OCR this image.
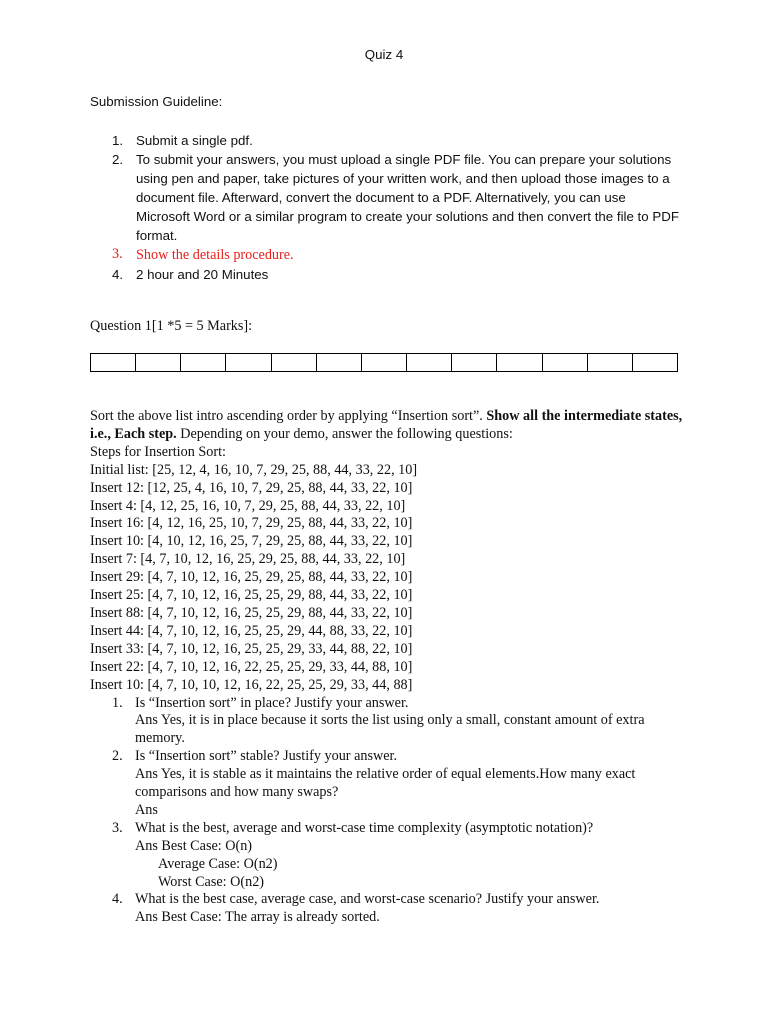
Quiz 4
Submission Guideline:
1. Submit a single pdf.
2. To submit your answers, you must upload a single PDF file. You can prepare your solutions using pen and paper, take pictures of your written work, and then upload those images to a document file. Afterward, convert the document to a PDF. Alternatively, you can use Microsoft Word or a similar program to create your solutions and then convert the file to PDF format.
3. Show the details procedure.
4. 2 hour and 20 Minutes
Question 1[1 *5 = 5 Marks]:

Sort the above list intro ascending order by applying “Insertion sort”. Show all the intermediate states, i.e., Each step. Depending on your demo, answer the following questions:

Steps for Insertion Sort:

Initial list: [25, 12, 4, 16, 10, 7, 29, 25, 88, 44, 33, 22, 10]

Insert 12: [12, 25, 4, 16, 10, 7, 29, 25, 88, 44, 33, 22, 10]

Insert 4: [4, 12, 25, 16, 10, 7, 29, 25, 88, 44, 33, 22, 10]

Insert 16: [4, 12, 16, 25, 10, 7, 29, 25, 88, 44, 33, 22, 10]

Insert 10: [4, 10, 12, 16, 25, 7, 29, 25, 88, 44, 33, 22, 10]

Insert 7: [4, 7, 10, 12, 16, 25, 29, 25, 88, 44, 33, 22, 10]

Insert 29: [4, 7, 10, 12, 16, 25, 29, 25, 88, 44, 33, 22, 10]

Insert 25: [4, 7, 10, 12, 16, 25, 25, 29, 88, 44, 33, 22, 10]

Insert 88: [4, 7, 10, 12, 16, 25, 25, 29, 88, 44, 33, 22, 10]

Insert 44: [4, 7, 10, 12, 16, 25, 25, 29, 44, 88, 33, 22, 10]

Insert 33: [4, 7, 10, 12, 16, 25, 25, 29, 33, 44, 88, 22, 10]

Insert 22: [4, 7, 10, 12, 16, 22, 25, 25, 29, 33, 44, 88, 10]

Insert 10: [4, 7, 10, 10, 12, 16, 22, 25, 25, 29, 33, 44, 88]

1. Is “Insertion sort” in place? Justify your answer.

Ans Yes, it is in place because it sorts the list using only a small, constant amount of extra memory.

2. Is “Insertion sort” stable? Justify your answer.

Ans Yes, it is stable as it maintains the relative order of equal elements.How many exact comparisons and how many swaps?

Ans

3. What is the best, average and worst-case time complexity (asymptotic notation)?

Ans Best Case: O(n)

Average Case: O(n2)

Worst Case: O(n2)

4. What is the best case, average case, and worst-case scenario? Justify your answer.

Ans Best Case: The array is already sorted.
